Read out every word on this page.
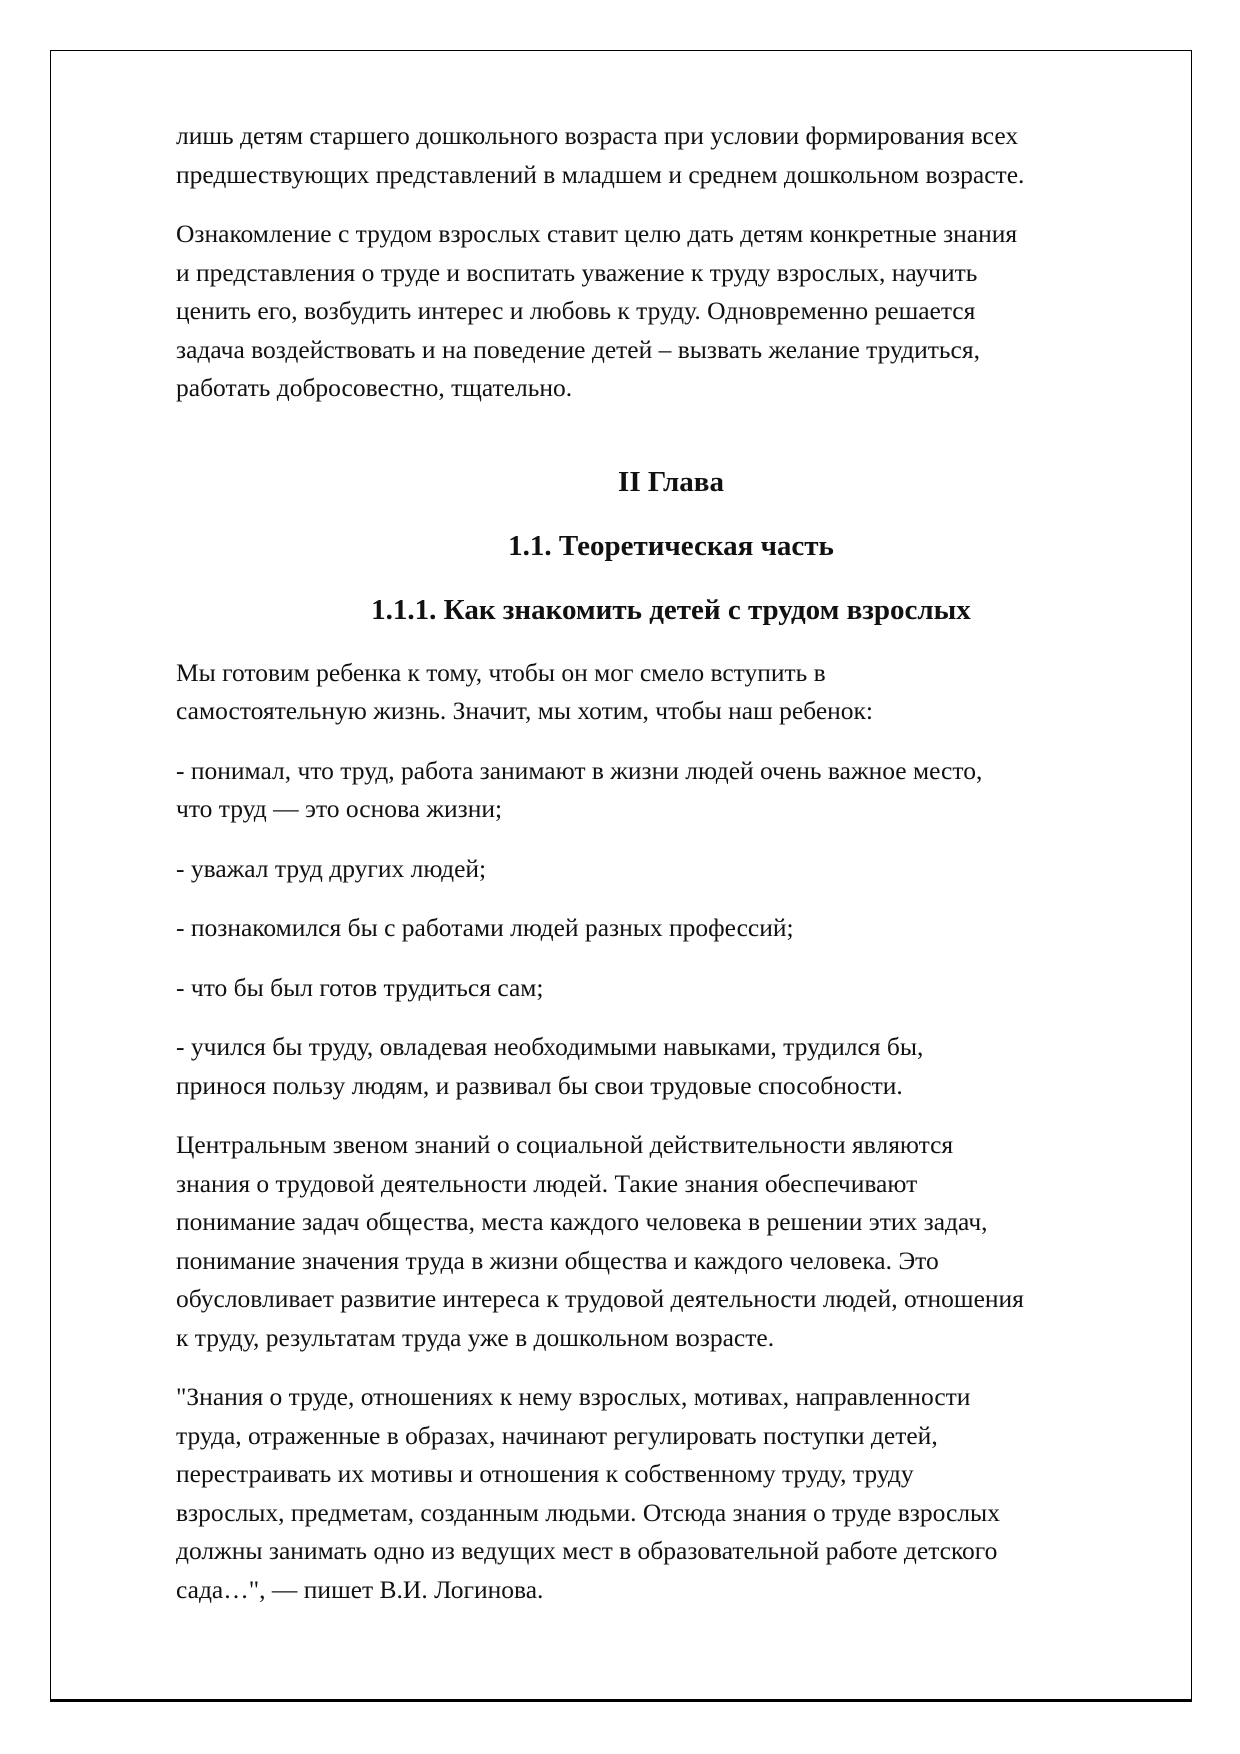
лишь детям старшего дошкольного возраста при условии формирования всех
предшествующих представлений в младшем и среднем дошкольном возрасте.

Ознакомление с трудом взрослых ставит целю дать детям конкретные знания
и представления о труде и воспитать уважение к труду взрослых, научить
ценить его, возбудить интерес и любовь к труду. Одновременно решается
задача воздействовать и на поведение детей – вызвать желание трудиться,
работать добросовестно, тщательно.

II Глава
1.1. Теоретическая часть
1.1.1. Как знакомить детей с трудом взрослых

Мы готовим ребенка к тому, чтобы он мог смело вступить в
самостоятельную жизнь. Значит, мы хотим, чтобы наш ребенок:

- понимал, что труд, работа занимают в жизни людей очень важное место,
что труд — это основа жизни;

- уважал труд других людей;

- познакомился бы с работами людей разных профессий;

- что бы был готов трудиться сам;

- учился бы труду, овладевая необходимыми навыками, трудился бы,
принося пользу людям, и развивал бы свои трудовые способности.

Центральным звеном знаний о социальной действительности являются
знания о трудовой деятельности людей. Такие знания обеспечивают
понимание задач общества, места каждого человека в решении этих задач,
понимание значения труда в жизни общества и каждого человека. Это
обусловливает развитие интереса к трудовой деятельности людей, отношения
к труду, результатам труда уже в дошкольном возрасте.

"Знания о труде, отношениях к нему взрослых, мотивах, направленности
труда, отраженные в образах, начинают регулировать поступки детей,
перестраивать их мотивы и отношения к собственному труду, труду
взрослых, предметам, созданным людьми. Отсюда знания о труде взрослых
должны занимать одно из ведущих мест в образовательной работе детского
сада…", — пишет В.И. Логинова.
